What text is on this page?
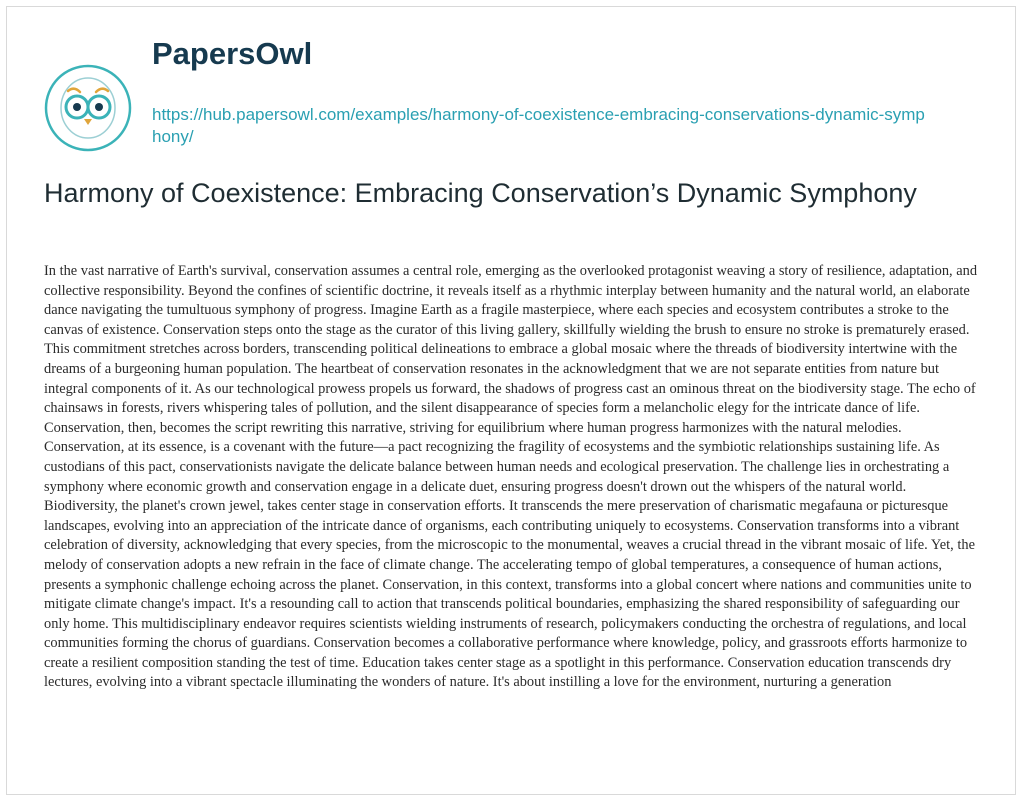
PapersOwl
https://hub.papersowl.com/examples/harmony-of-coexistence-embracing-conservations-dynamic-symphony/
Harmony of Coexistence: Embracing Conservation’s Dynamic Symphony

In the vast narrative of Earth's survival, conservation assumes a central role, emerging as the overlooked protagonist weaving a story of resilience, adaptation, and collective responsibility. Beyond the confines of scientific doctrine, it reveals itself as a rhythmic interplay between humanity and the natural world, an elaborate dance navigating the tumultuous symphony of progress. Imagine Earth as a fragile masterpiece, where each species and ecosystem contributes a stroke to the canvas of existence. Conservation steps onto the stage as the curator of this living gallery, skillfully wielding the brush to ensure no stroke is prematurely erased. This commitment stretches across borders, transcending political delineations to embrace a global mosaic where the threads of biodiversity intertwine with the dreams of a burgeoning human population. The heartbeat of conservation resonates in the acknowledgment that we are not separate entities from nature but integral components of it. As our technological prowess propels us forward, the shadows of progress cast an ominous threat on the biodiversity stage. The echo of chainsaws in forests, rivers whispering tales of pollution, and the silent disappearance of species form a melancholic elegy for the intricate dance of life. Conservation, then, becomes the script rewriting this narrative, striving for equilibrium where human progress harmonizes with the natural melodies. Conservation, at its essence, is a covenant with the future—a pact recognizing the fragility of ecosystems and the symbiotic relationships sustaining life. As custodians of this pact, conservationists navigate the delicate balance between human needs and ecological preservation. The challenge lies in orchestrating a symphony where economic growth and conservation engage in a delicate duet, ensuring progress doesn't drown out the whispers of the natural world. Biodiversity, the planet's crown jewel, takes center stage in conservation efforts. It transcends the mere preservation of charismatic megafauna or picturesque landscapes, evolving into an appreciation of the intricate dance of organisms, each contributing uniquely to ecosystems. Conservation transforms into a vibrant celebration of diversity, acknowledging that every species, from the microscopic to the monumental, weaves a crucial thread in the vibrant mosaic of life. Yet, the melody of conservation adopts a new refrain in the face of climate change. The accelerating tempo of global temperatures, a consequence of human actions, presents a symphonic challenge echoing across the planet. Conservation, in this context, transforms into a global concert where nations and communities unite to mitigate climate change's impact. It's a resounding call to action that transcends political boundaries, emphasizing the shared responsibility of safeguarding our only home. This multidisciplinary endeavor requires scientists wielding instruments of research, policymakers conducting the orchestra of regulations, and local communities forming the chorus of guardians. Conservation becomes a collaborative performance where knowledge, policy, and grassroots efforts harmonize to create a resilient composition standing the test of time. Education takes center stage as a spotlight in this performance. Conservation education transcends dry lectures, evolving into a vibrant spectacle illuminating the wonders of nature. It's about instilling a love for the environment, nurturing a generation
